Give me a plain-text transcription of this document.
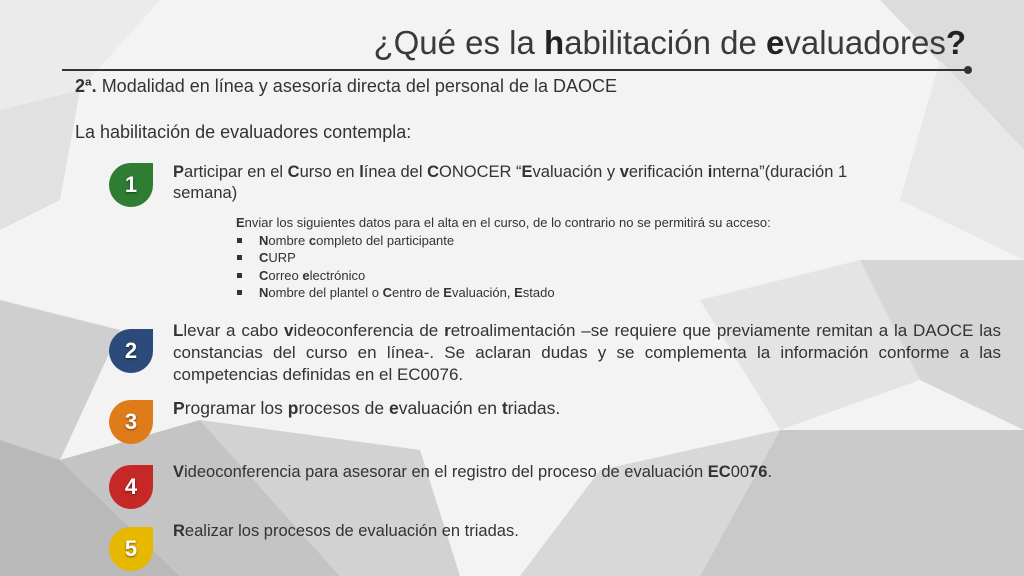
¿Qué es la habilitación de evaluadores?
2ª. Modalidad en línea y asesoría directa del personal de la DAOCE
La habilitación de evaluadores contempla:
1
2
3
4
5
Participar en el Curso en línea del CONOCER “Evaluación y verificación interna”(duración 1 semana)
Enviar los siguientes datos para el alta en el curso, de lo contrario no se permitirá su acceso:
Nombre completo del participante
CURP
Correo electrónico
Nombre del plantel o Centro de Evaluación, Estado
Llevar a cabo videoconferencia de retroalimentación –se requiere que previamente remitan a la DAOCE las constancias del curso en línea-. Se aclaran dudas y se complementa la información conforme a las competencias definidas en el EC0076.
Programar los procesos de evaluación en triadas.
Videoconferencia para asesorar en el registro del proceso de evaluación EC0076.
Realizar los procesos de evaluación en triadas.
